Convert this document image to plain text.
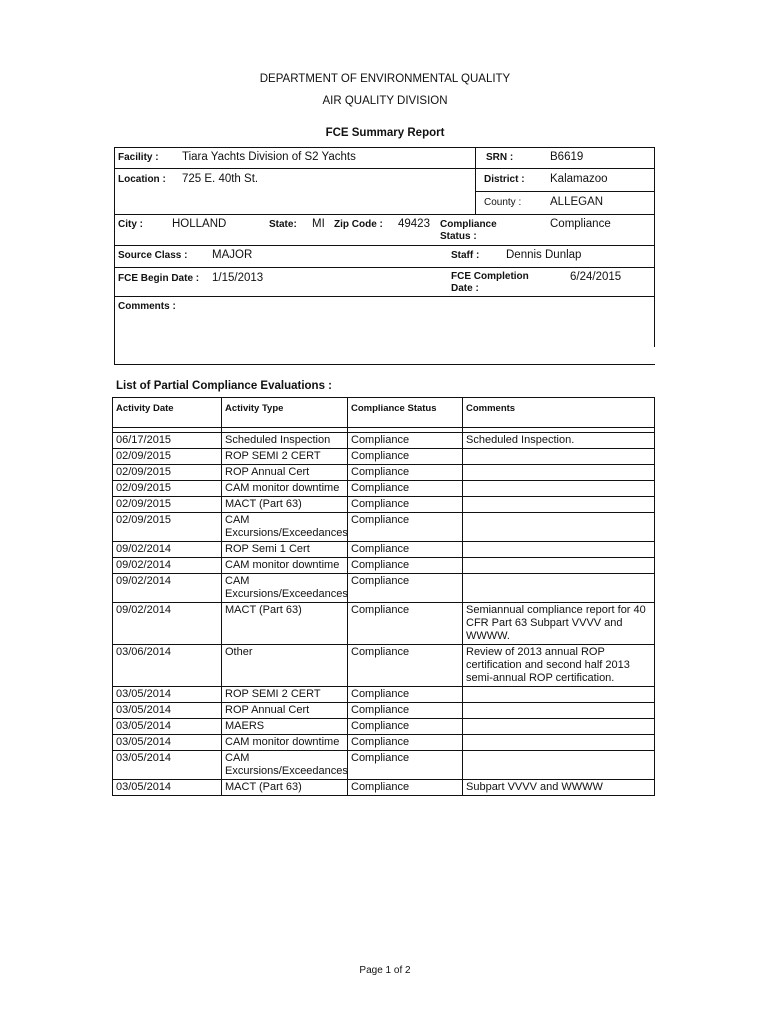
DEPARTMENT OF ENVIRONMENTAL QUALITY
AIR QUALITY DIVISION
FCE Summary Report
Facility : Tiara Yachts Division of S2 Yachts	SRN :	B6619
Location : 725 E. 40th St.	District : Kalamazoo
County :	ALLEGAN
City :	HOLLAND	State: MI Zip Code : 49423 Compliance Status :
Compliance
Source Class : MAJOR	Staff : Dennis Dunlap
FCE Begin Date : 1/15/2013	FCE Completion Date :
6/24/2015
Comments :
List of Partial Compliance Evaluations :
Activity Date	Activity Type	Compliance Status	Comments

06/17/2015	Scheduled Inspection	Compliance	Scheduled Inspection.
02/09/2015	ROP SEMI 2 CERT	Compliance	
02/09/2015	ROP Annual Cert	Compliance	
02/09/2015	CAM monitor downtime	Compliance	
02/09/2015	MACT (Part 63)	Compliance	
02/09/2015	CAM Excursions/Exceedances	Compliance	
09/02/2014	ROP Semi 1 Cert	Compliance	
09/02/2014	CAM monitor downtime	Compliance	
09/02/2014	CAM Excursions/Exceedances	Compliance	
09/02/2014	MACT (Part 63)	Compliance	Semiannual compliance report for 40 CFR Part 63 Subpart VVVV and WWWW.
03/06/2014	Other	Compliance	Review of 2013 annual ROP certification and second half 2013 semi-annual ROP certification.
03/05/2014	ROP SEMI 2 CERT	Compliance	
03/05/2014	ROP Annual Cert	Compliance	
03/05/2014	MAERS	Compliance	
03/05/2014	CAM monitor downtime	Compliance	
03/05/2014	CAM Excursions/Exceedances	Compliance	
03/05/2014	MACT (Part 63)	Compliance	Subpart VVVV and WWWW
Page 1 of 2
